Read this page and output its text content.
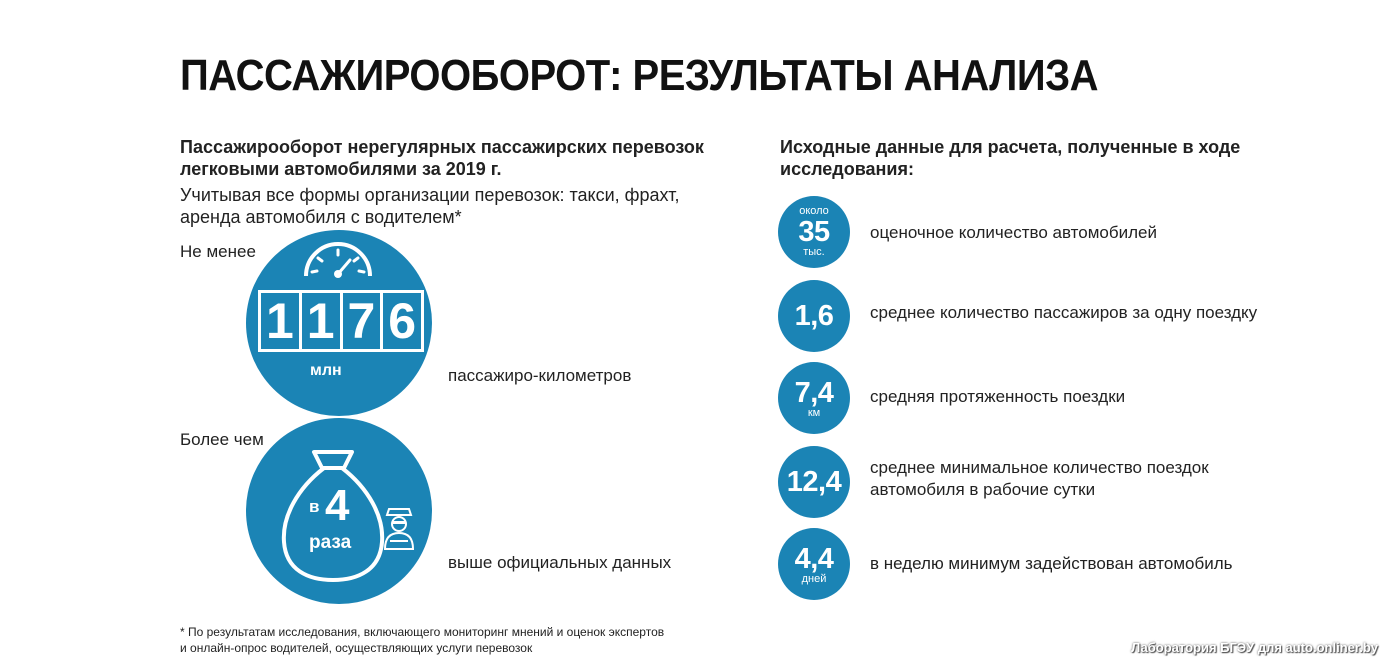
ПАССАЖИРООБОРОТ: РЕЗУЛЬТАТЫ АНАЛИЗА
Пассажирооборот нерегулярных пассажирских перевозок легковыми автомобилями за 2019 г.
Учитывая все формы организации перевозок: такси, фрахт, аренда автомобиля с водителем*
Не менее
1 1 7 6
млн	пассажиро-километров
Более чем
в 4
раза
выше официальных данных
* По результатам исследования, включающего мониторинг мнений и оценок экспертов
и онлайн-опрос водителей, осуществляющих услуги перевозок
Исходные данные для расчета, полученные в ходе исследования:
около
35
тыс.
оценочное количество автомобилей
1,6 среднее количество пассажиров за одну поездку
7,4
км
средняя протяженность поездки
12,4 среднее минимальное количество поездок автомобиля в рабочие сутки
4,4
дней
в неделю минимум задействован автомобиль
Лаборатория БГЭУ для auto.onliner.by
